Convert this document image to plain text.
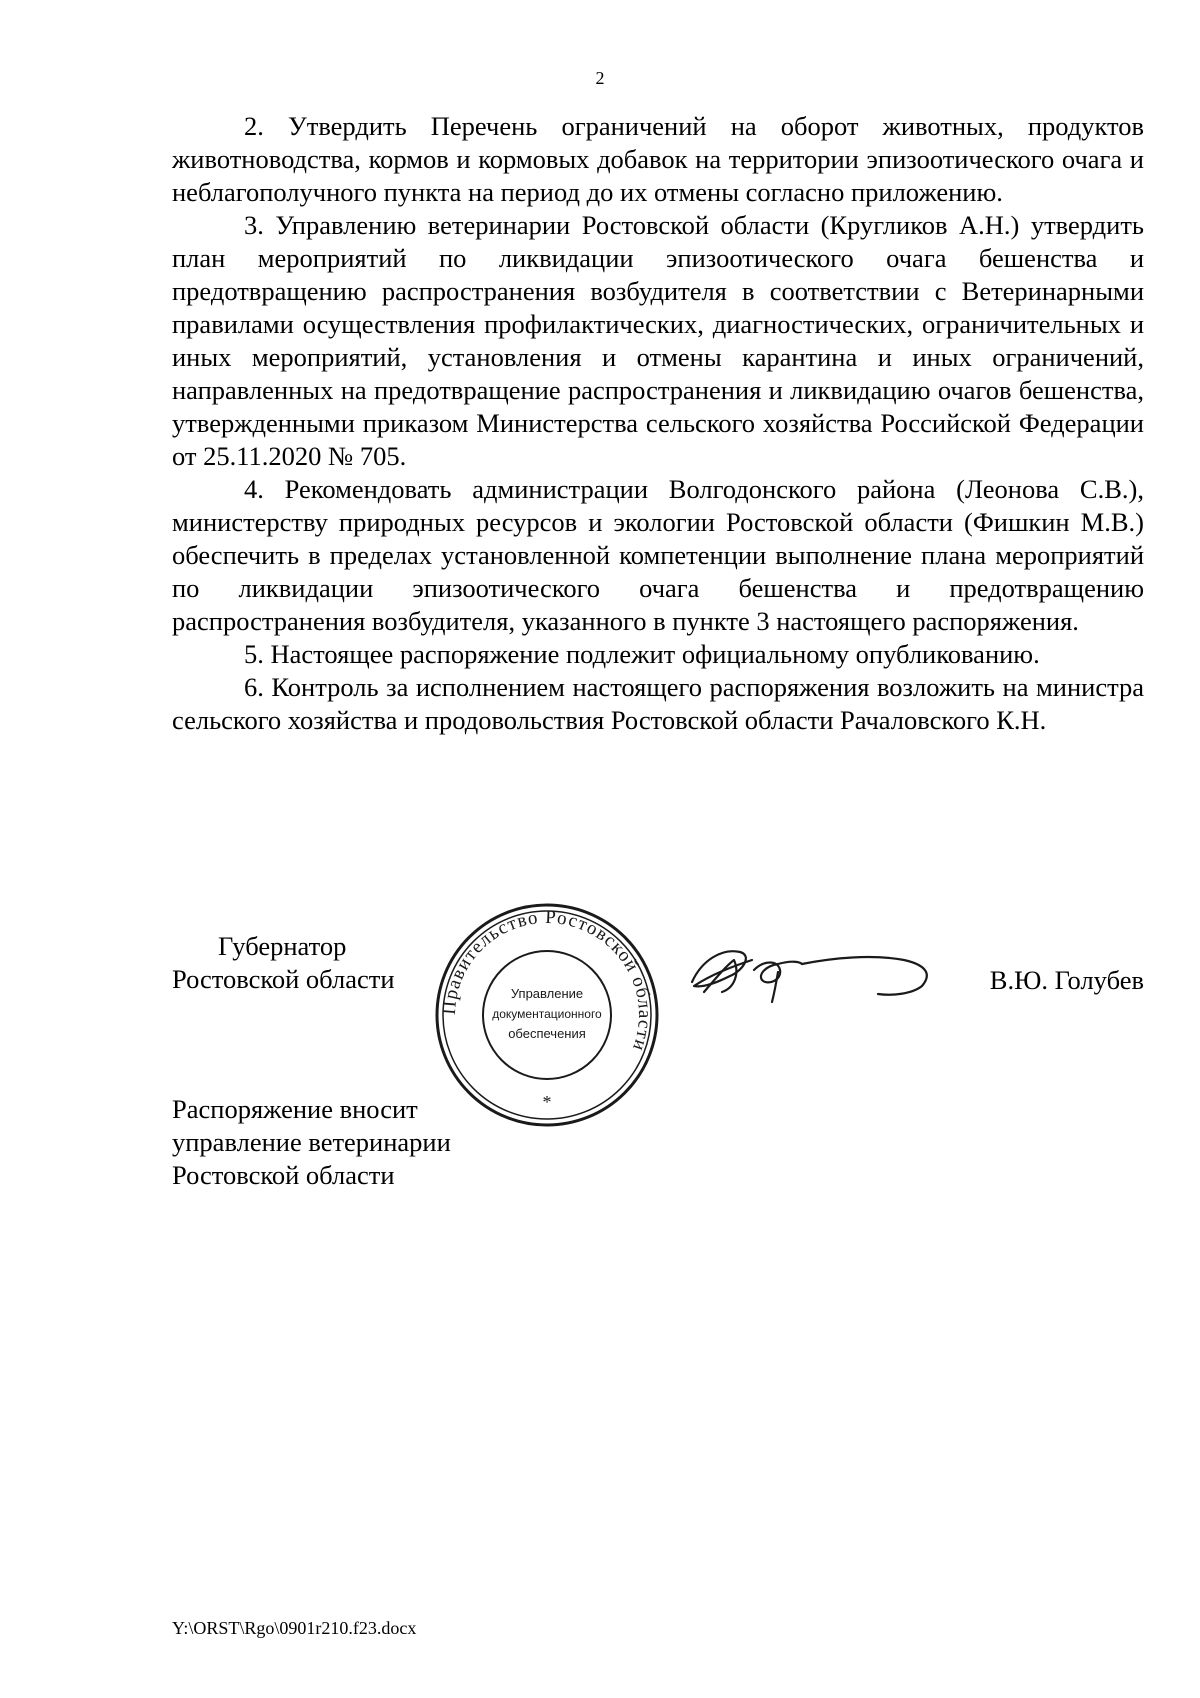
2

2. Утвердить Перечень ограничений на оборот животных, продуктов животноводства, кормов и кормовых добавок на территории эпизоотического очага и неблагополучного пункта на период до их отмены согласно приложению.

3. Управлению ветеринарии Ростовской области (Кругликов А.Н.) утвердить план мероприятий по ликвидации эпизоотического очага бешенства и предотвращению распространения возбудителя в соответствии с Ветеринарными правилами осуществления профилактических, диагностических, ограничительных и иных мероприятий, установления и отмены карантина и иных ограничений, направленных на предотвращение распространения и ликвидацию очагов бешенства, утвержденными приказом Министерства сельского хозяйства Российской Федерации от 25.11.2020 № 705.

4. Рекомендовать администрации Волгодонского района (Леонова С.В.), министерству природных ресурсов и экологии Ростовской области (Фишкин М.В.) обеспечить в пределах установленной компетенции выполнение плана мероприятий по ликвидации эпизоотического очага бешенства и предотвращению распространения возбудителя, указанного в пункте 3 настоящего распоряжения.

5. Настоящее распоряжение подлежит официальному опубликованию.

6. Контроль за исполнением настоящего распоряжения возложить на министра сельского хозяйства и продовольствия Ростовской области Рачаловского К.Н.

Губернатор
Ростовской области
Правительство Ростовской области
Управление
документационного
обеспечения
*
В.Ю. Голубев
Распоряжение вносит
управление ветеринарии
Ростовской области
Y:\ORST\Rgo\0901r210.f23.docx
